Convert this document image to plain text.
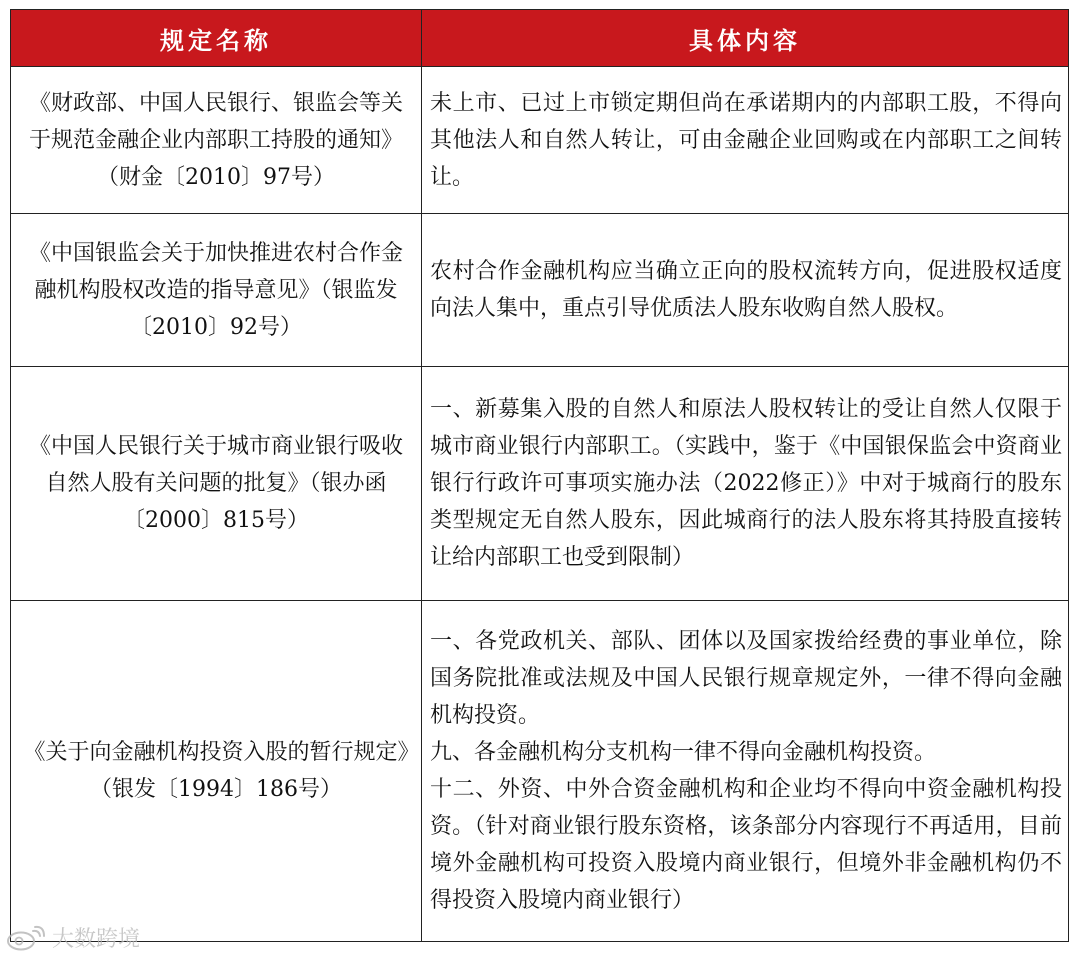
规定名称	具体内容
《财政部、中国人民银行、银监会等关于规范金融企业内部职工持股的通知》（财金〔2010〕97号）	未上市、已过上市锁定期但尚在承诺期内的内部职工股，不得向其他法人和自然人转让，可由金融企业回购或在内部职工之间转让。

《中国银监会关于加快推进农村合作金融机构股权改造的指导意见》（银监发〔2010〕92号）	农村合作金融机构应当确立正向的股权流转方向，促进股权适度向法人集中，重点引导优质法人股东收购自然人股权。

《中国人民银行关于城市商业银行吸收自然人股有关问题的批复》（银办函〔2000〕815号）	一、新募集入股的自然人和原法人股权转让的受让自然人仅限于城市商业银行内部职工。（实践中，鉴于《中国银保监会中资商业银行行政许可事项实施办法（2022修正）》中对于城商行的股东类型规定无自然人股东，因此城商行的法人股东将其持股直接转让给内部职工也受到限制）

《关于向金融机构投资入股的暂行规定》（银发〔1994〕186号）	一、各党政机关、部队、团体以及国家拨给经费的事业单位，除国务院批准或法规及中国人民银行规章规定外，一律不得向金融机构投资。

九、各金融机构分支机构一律不得向金融机构投资。

十二、外资、中外合资金融机构和企业均不得向中资金融机构投资。（针对商业银行股东资格，该条部分内容现行不再适用，目前境外金融机构可投资入股境内商业银行，但境外非金融机构仍不得投资入股境内商业银行）

大数跨境
